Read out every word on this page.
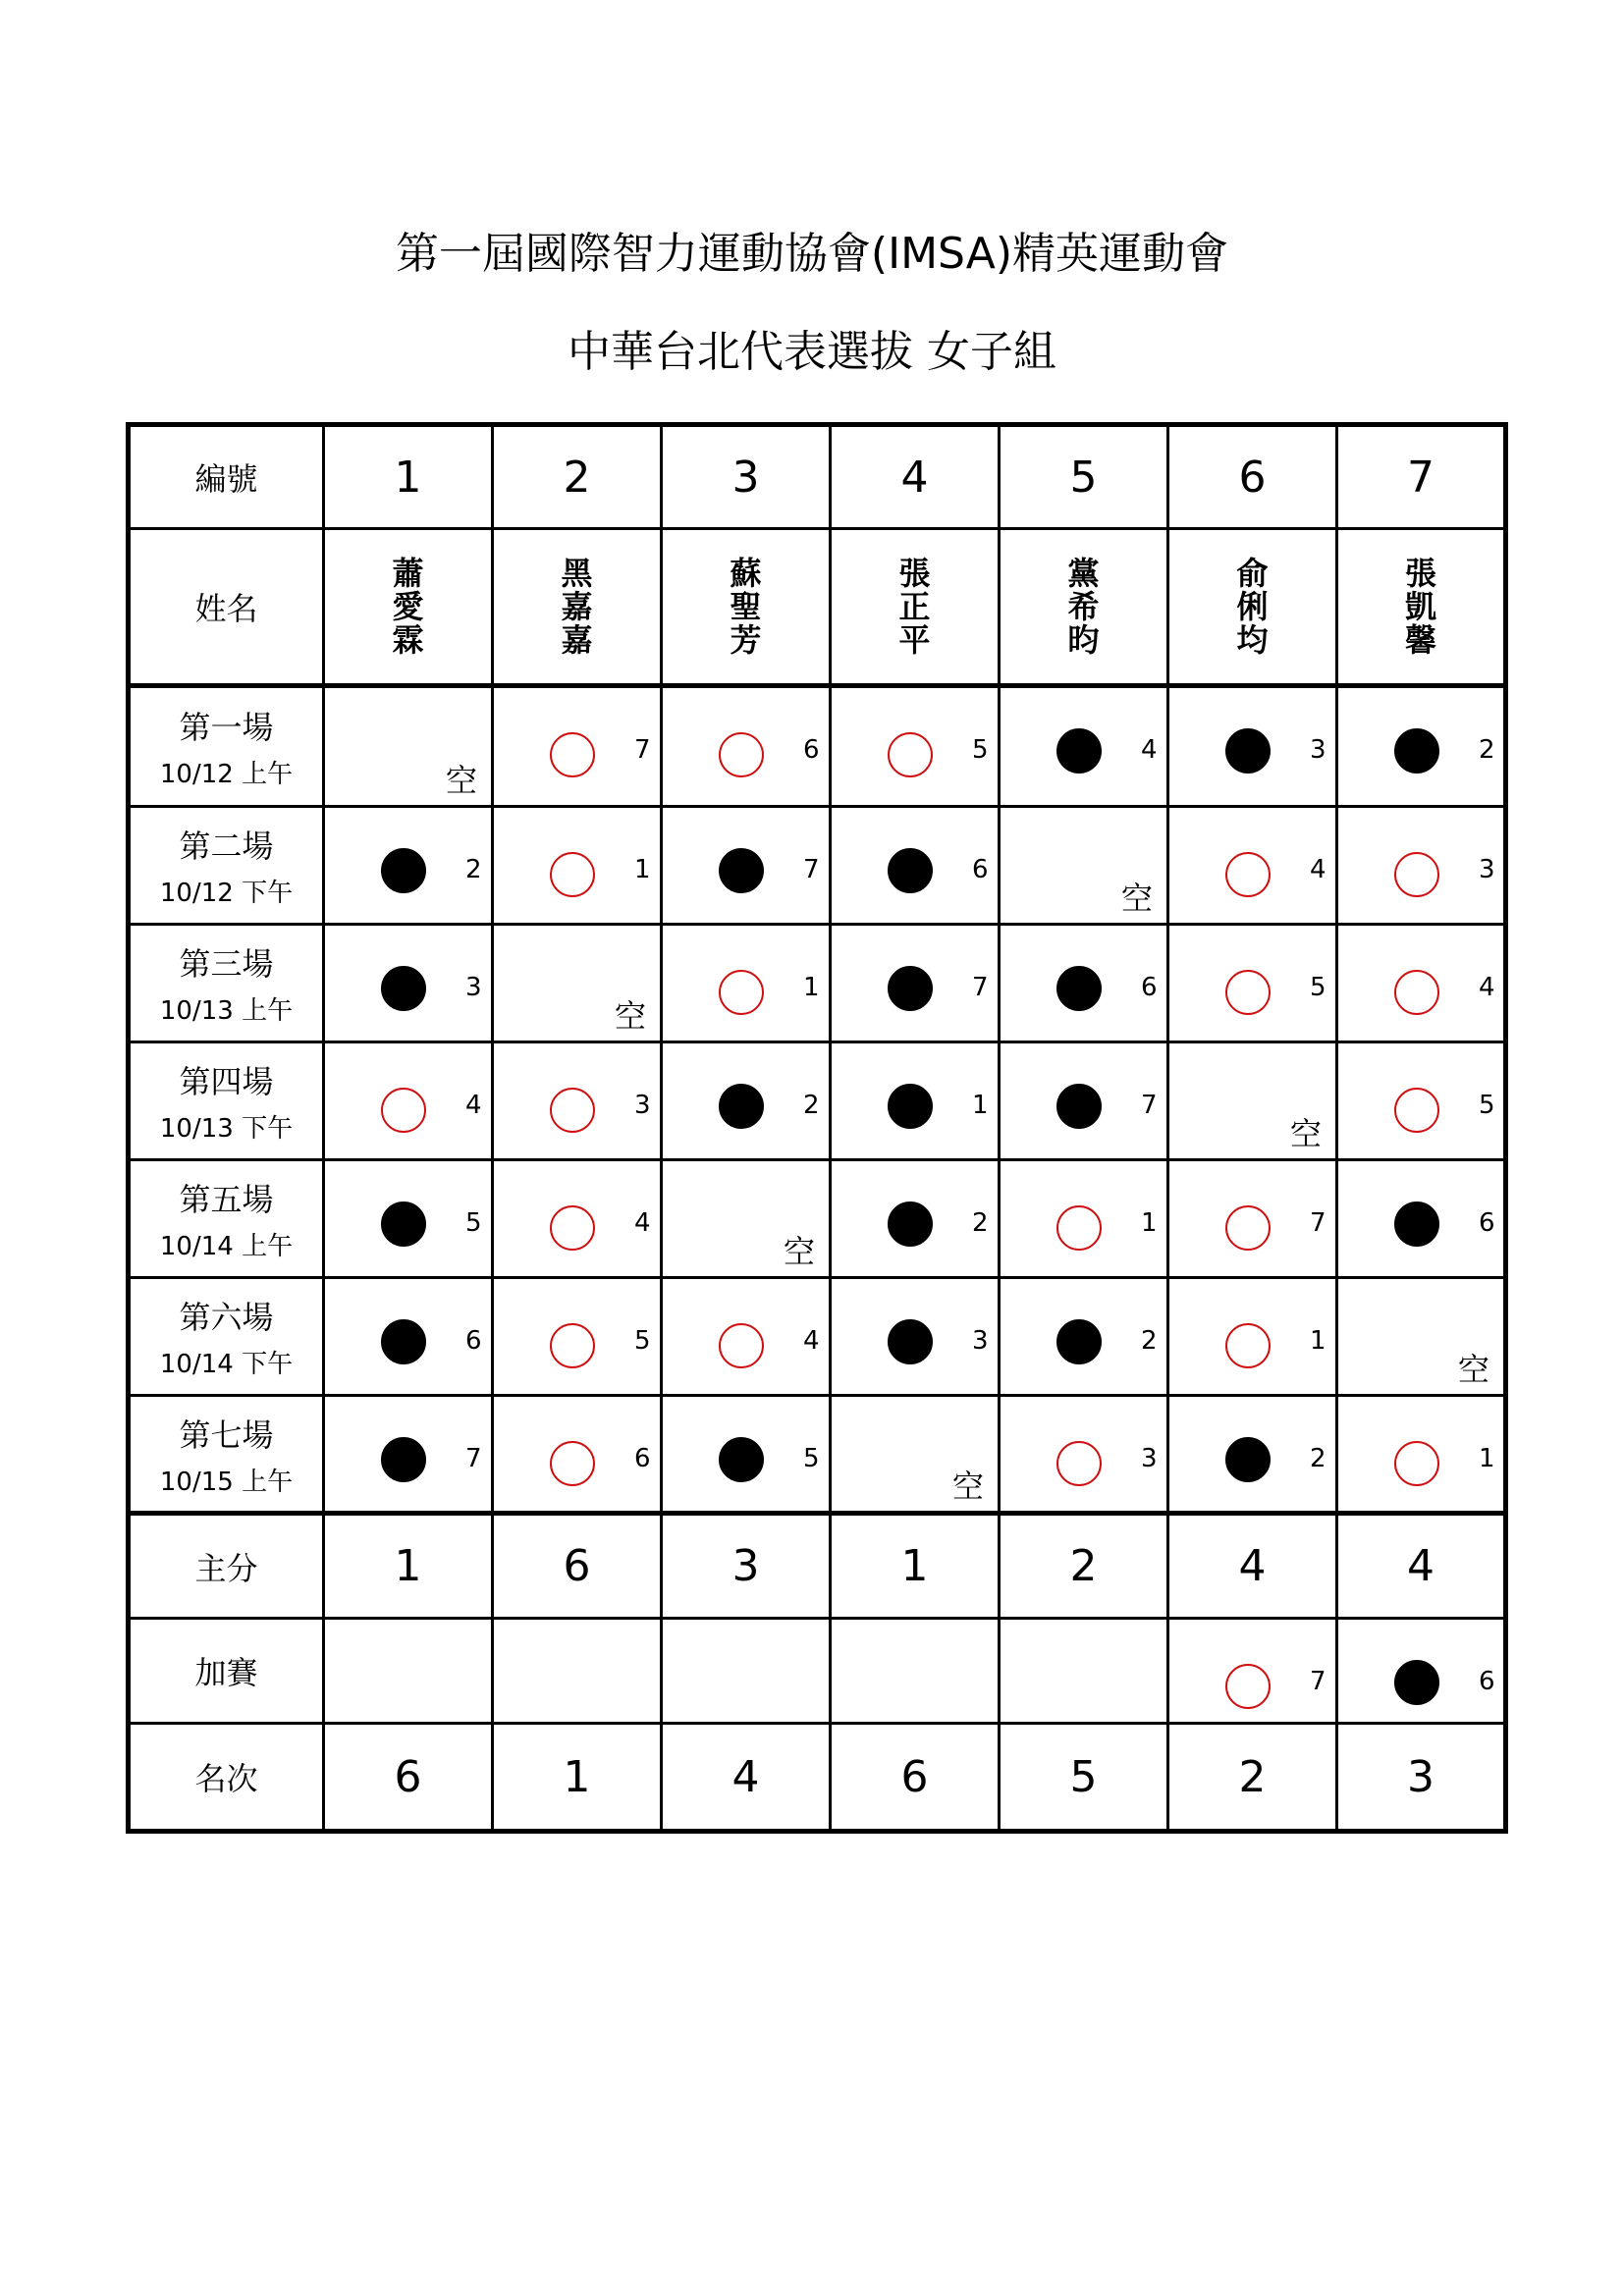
第一屆國際智力運動協會(IMSA)精英運動會
中華台北代表選拔 女子組
編號	1	2	3	4	5	6	7
姓名	蕭愛霖	黑嘉嘉	蘇聖芳	張正平	黨希昀	俞俐均	張凱馨

第一場
10/12 上午	空	7	6	5	4	3	2

第二場
10/12 下午	2	1	7	6	空	4	3

第三場
10/13 上午	3	空	1	7	6	5	4

第四場
10/13 下午	4	3	2	1	7	空	5

第五場
10/14 上午	5	4	空	2	1	7	6

第六場
10/14 下午	6	5	4	3	2	1	空

第七場
10/15 上午	7	6	5	空	3	2	1

主分	1	6	3	1	2	4	4
加賽						7	6

名次	6	1	4	6	5	2	3
